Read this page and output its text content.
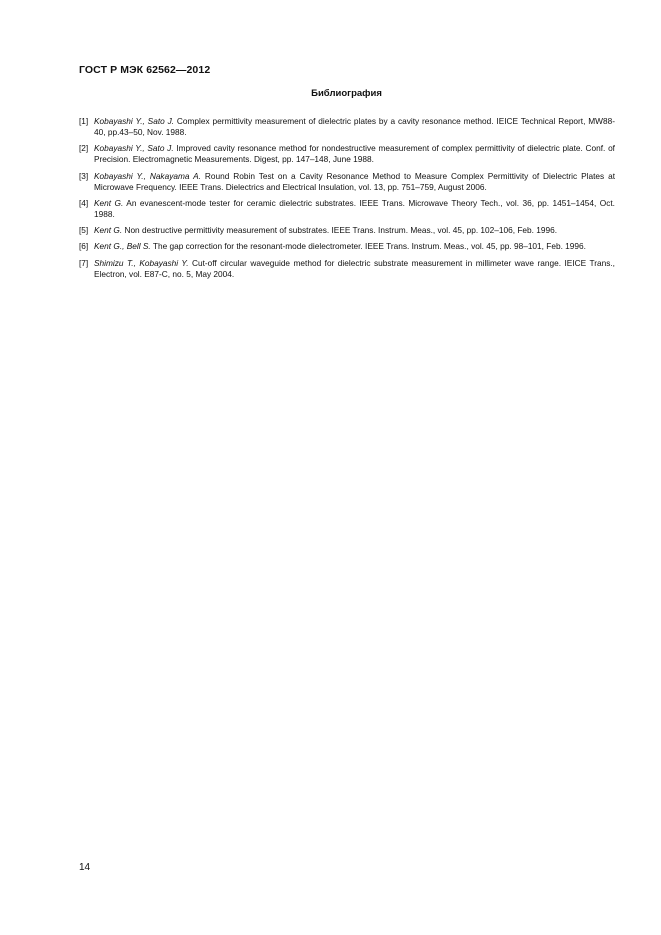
ГОСТ Р МЭК 62562—2012
Библиография
[1] Kobayashi Y., Sato J. Complex permittivity measurement of dielectric plates by a cavity resonance method. IEICE Technical Report, MW88-40, pp.43–50, Nov. 1988.
[2] Kobayashi Y., Sato J. Improved cavity resonance method for nondestructive measurement of complex permittivity of dielectric plate. Conf. of Precision. Electromagnetic Measurements. Digest, pp. 147–148, June 1988.
[3] Kobayashi Y., Nakayama A. Round Robin Test on a Cavity Resonance Method to Measure Complex Permittivity of Dielectric Plates at Microwave Frequency. IEEE Trans. Dielectrics and Electrical Insulation, vol. 13, pp. 751–759, August 2006.
[4] Kent G. An evanescent-mode tester for ceramic dielectric substrates. IEEE Trans. Microwave Theory Tech., vol. 36, pp. 1451–1454, Oct. 1988.
[5] Kent G. Non destructive permittivity measurement of substrates. IEEE Trans. Instrum. Meas., vol. 45, pp. 102–106, Feb. 1996.
[6] Kent G., Bell S. The gap correction for the resonant-mode dielectrometer. IEEE Trans. Instrum. Meas., vol. 45, pp. 98–101, Feb. 1996.
[7] Shimizu T., Kobayashi Y. Cut-off circular waveguide method for dielectric substrate measurement in millimeter wave range. IEICE Trans., Electron, vol. E87-C, no. 5, May 2004.
14
